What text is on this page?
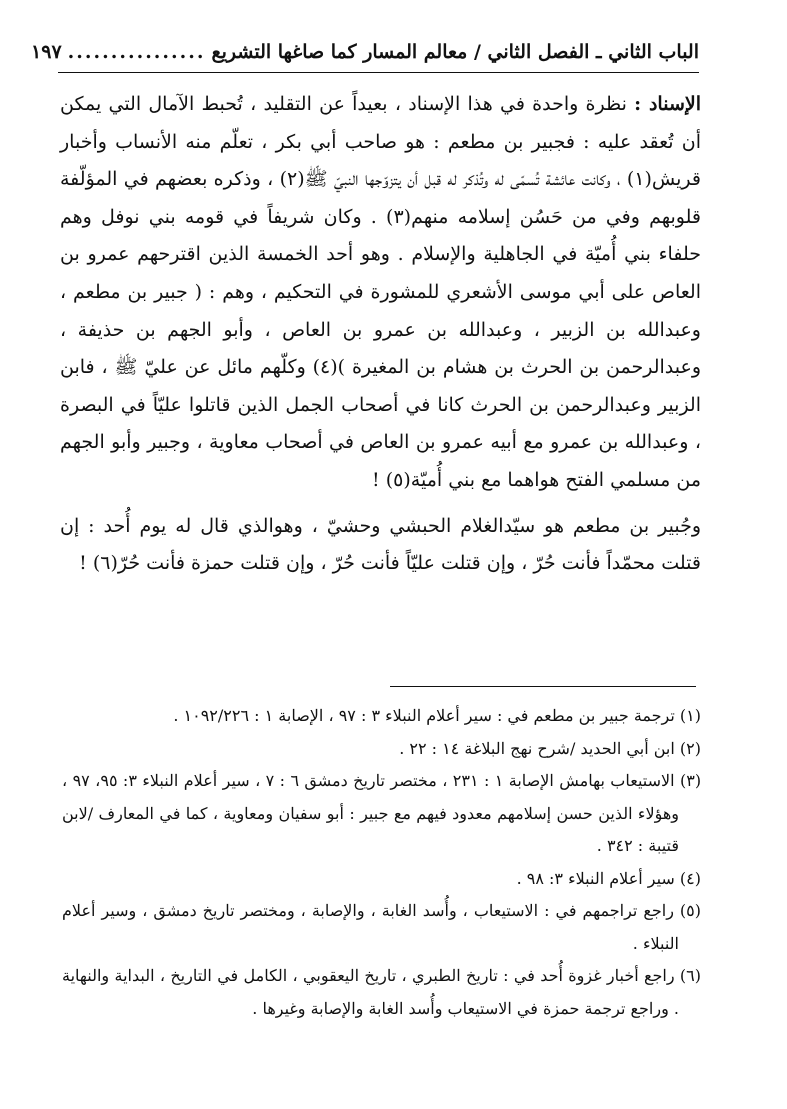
الباب الثاني ـ الفصل الثاني / معالم المسار كما صاغها التشريع
................
١٩٧

الإسناد : نظرة واحدة في هذا الإسناد ، بعيداً عن التقليد ، تُحبط الآمال التي يمكن أن تُعقد عليه : فجبير بن مطعم : هو صاحب أبي بكر ، تعلّم منه الأنساب وأخبار قريش(١) ، وكانت عائشة تُسمّى له وتُذكر له قبل أن يتزوّجها النبيّ ﷺ(٢) ، وذكره بعضهم في المؤلّفة قلوبهم وفي من حَسُن إسلامه منهم(٣) . وكان شريفاً في قومه بني نوفل وهم حلفاء بني أُميّة في الجاهلية والإسلام . وهو أحد الخمسة الذين اقترحهم عمرو بن العاص على أبي موسى الأشعري للمشورة في التحكيم ، وهم : ( جبير بن مطعم ، وعبدالله بن الزبير ، وعبدالله بن عمرو بن العاص ، وأبو الجهم بن حذيفة ، وعبدالرحمن بن الحرث بن هشام بن المغيرة )(٤) وكلّهم مائل عن عليّ ﷺ ، فابن الزبير وعبدالرحمن بن الحرث كانا في أصحاب الجمل الذين قاتلوا عليّاً في البصرة ، وعبدالله بن عمرو مع أبيه عمرو بن العاص في أصحاب معاوية ، وجبير وأبو الجهم من مسلمي الفتح هواهما مع بني أُميّة(٥) !

وجُبير بن مطعم هو سيّدالغلام الحبشي وحشيّ ، وهوالذي قال له يوم أُحد : إن قتلت محمّداً فأنت حُرّ ، وإن قتلت عليّاً فأنت حُرّ ، وإن قتلت حمزة فأنت حُرّ(٦) !

(١) ترجمة جبير بن مطعم في : سير أعلام النبلاء ٣ : ٩٧ ، الإصابة ١ : ١٠٩٢/٢٢٦ .

(٢) ابن أبي الحديد /شرح نهج البلاغة ١٤ : ٢٢ .

(٣) الاستيعاب بهامش الإصابة ١ : ٢٣١ ، مختصر تاريخ دمشق ٦ : ٧ ، سير أعلام النبلاء ٣: ٩٥، ٩٧ ، وهؤلاء الذين حسن إسلامهم معدود فيهم مع جبير : أبو سفيان ومعاوية ، كما في المعارف /لابن قتيبة : ٣٤٢ .

(٤) سير أعلام النبلاء ٣: ٩٨ .

(٥) راجع تراجمهم في : الاستيعاب ، وأُسد الغابة ، والإصابة ، ومختصر تاريخ دمشق ، وسير أعلام النبلاء .

(٦) راجع أخبار غزوة أُحد في : تاريخ الطبري ، تاريخ اليعقوبي ، الكامل في التاريخ ، البداية والنهاية . وراجع ترجمة حمزة في الاستيعاب وأُسد الغابة والإصابة وغيرها .
